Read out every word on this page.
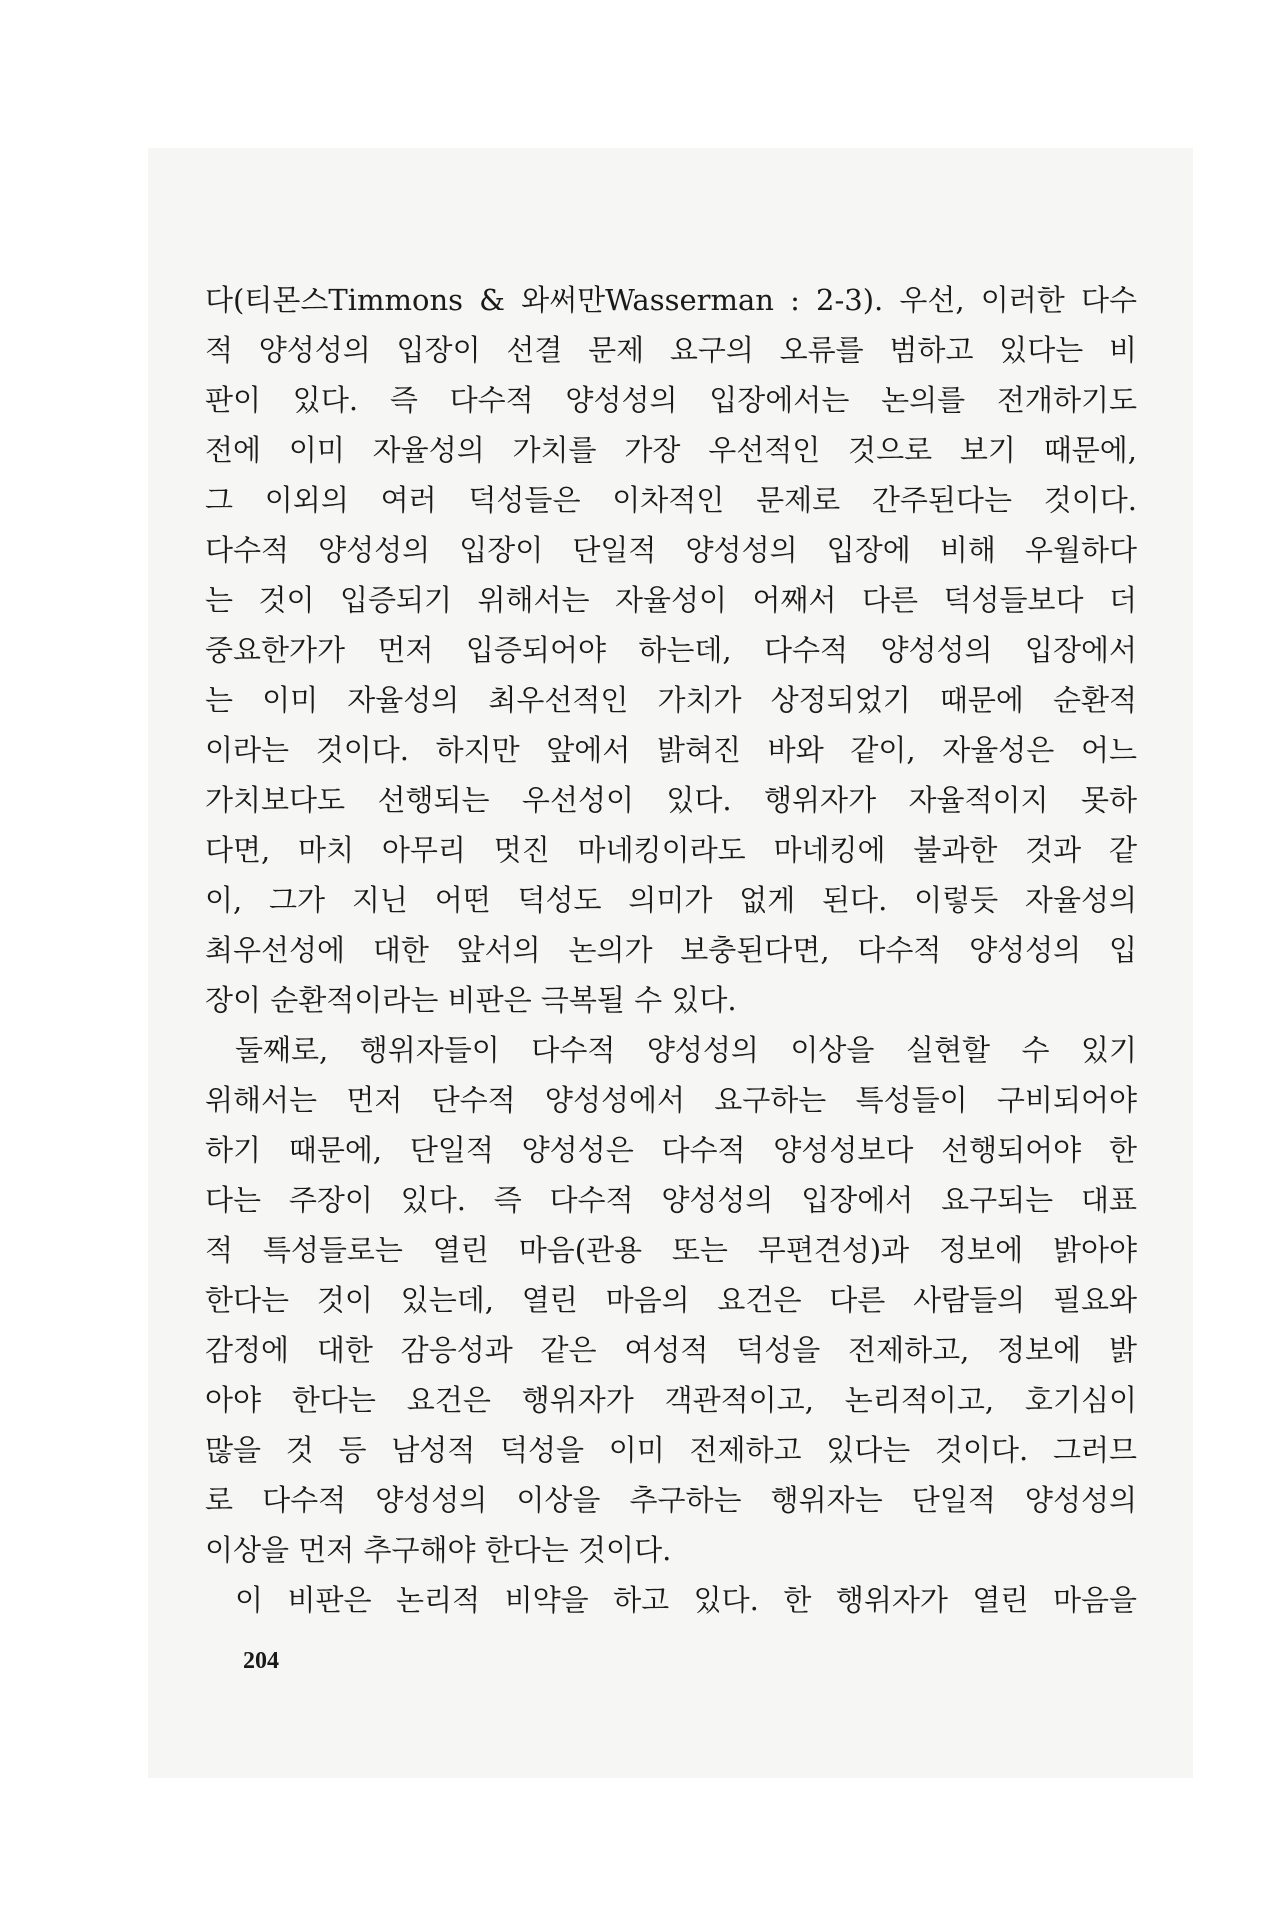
다(티몬스Timmons & 와써만Wasserman : 2-3). 우선, 이러한 다수
적 양성성의 입장이 선결 문제 요구의 오류를 범하고 있다는 비
판이 있다. 즉 다수적 양성성의 입장에서는 논의를 전개하기도
전에 이미 자율성의 가치를 가장 우선적인 것으로 보기 때문에,
그 이외의 여러 덕성들은 이차적인 문제로 간주된다는 것이다.
다수적 양성성의 입장이 단일적 양성성의 입장에 비해 우월하다
는 것이 입증되기 위해서는 자율성이 어째서 다른 덕성들보다 더
중요한가가 먼저 입증되어야 하는데, 다수적 양성성의 입장에서
는 이미 자율성의 최우선적인 가치가 상정되었기 때문에 순환적
이라는 것이다. 하지만 앞에서 밝혀진 바와 같이, 자율성은 어느
가치보다도 선행되는 우선성이 있다. 행위자가 자율적이지 못하
다면, 마치 아무리 멋진 마네킹이라도 마네킹에 불과한 것과 같
이, 그가 지닌 어떤 덕성도 의미가 없게 된다. 이렇듯 자율성의
최우선성에 대한 앞서의 논의가 보충된다면, 다수적 양성성의 입
장이 순환적이라는 비판은 극복될 수 있다.
둘째로, 행위자들이 다수적 양성성의 이상을 실현할 수 있기
위해서는 먼저 단수적 양성성에서 요구하는 특성들이 구비되어야
하기 때문에, 단일적 양성성은 다수적 양성성보다 선행되어야 한
다는 주장이 있다. 즉 다수적 양성성의 입장에서 요구되는 대표
적 특성들로는 열린 마음(관용 또는 무편견성)과 정보에 밝아야
한다는 것이 있는데, 열린 마음의 요건은 다른 사람들의 필요와
감정에 대한 감응성과 같은 여성적 덕성을 전제하고, 정보에 밝
아야 한다는 요건은 행위자가 객관적이고, 논리적이고, 호기심이
많을 것 등 남성적 덕성을 이미 전제하고 있다는 것이다. 그러므
로 다수적 양성성의 이상을 추구하는 행위자는 단일적 양성성의
이상을 먼저 추구해야 한다는 것이다.
이 비판은 논리적 비약을 하고 있다. 한 행위자가 열린 마음을
204
